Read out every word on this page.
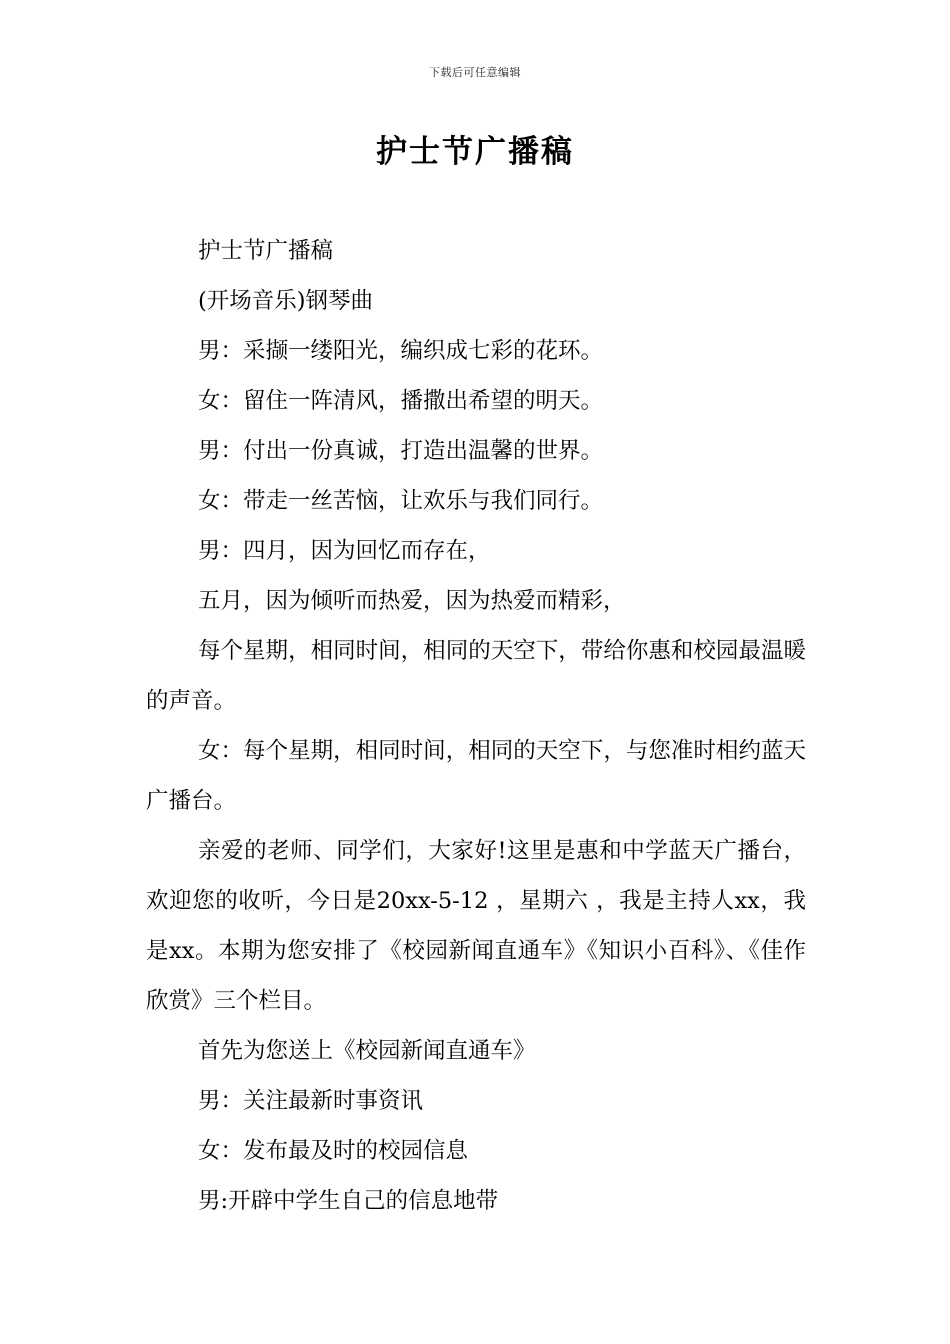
下载后可任意编辑
护士节广播稿

护士节广播稿

(开场音乐)钢琴曲

男：采撷一缕阳光，编织成七彩的花环。

女：留住一阵清风，播撒出希望的明天。

男：付出一份真诚，打造出温馨的世界。

女：带走一丝苦恼，让欢乐与我们同行。

男：四月，因为回忆而存在，

五月，因为倾听而热爱，因为热爱而精彩，

每个星期，相同时间，相同的天空下，带给你惠和校园最温暖的声音。

女：每个星期，相同时间，相同的天空下，与您准时相约蓝天广播台。

亲爱的老师、同学们，大家好!这里是惠和中学蓝天广播台，欢迎您的收听，今日是20xx-5-12 ，星期六 ，我是主持人xx，我是xx。本期为您安排了《校园新闻直通车》《知识小百科》、《佳作欣赏》三个栏目。

首先为您送上《校园新闻直通车》

男：关注最新时事资讯

女：发布最及时的校园信息

男:开辟中学生自己的信息地带
